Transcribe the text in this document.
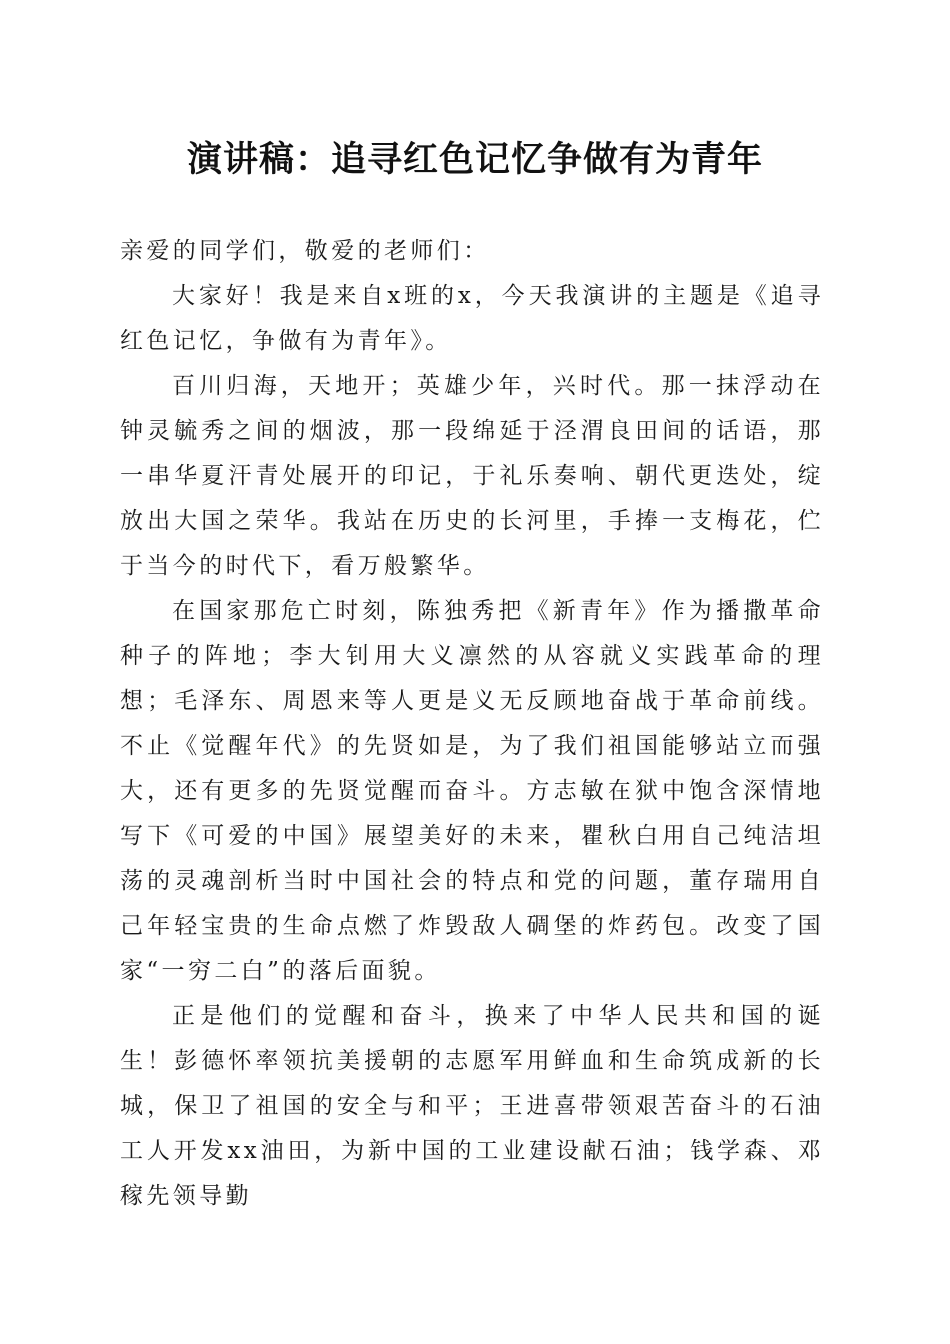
演讲稿：追寻红色记忆争做有为青年

亲爱的同学们，敬爱的老师们：

大家好！我是来自x班的x，今天我演讲的主题是《追寻红色记忆，争做有为青年》。

百川归海，天地开；英雄少年，兴时代。那一抹浮动在钟灵毓秀之间的烟波，那一段绵延于泾渭良田间的话语，那一串华夏汗青处展开的印记，于礼乐奏响、朝代更迭处，绽放出大国之荣华。我站在历史的长河里，手捧一支梅花，伫于当今的时代下，看万般繁华。

在国家那危亡时刻，陈独秀把《新青年》作为播撒革命种子的阵地；李大钊用大义凛然的从容就义实践革命的理想；毛泽东、周恩来等人更是义无反顾地奋战于革命前线。不止《觉醒年代》的先贤如是，为了我们祖国能够站立而强大，还有更多的先贤觉醒而奋斗。方志敏在狱中饱含深情地写下《可爱的中国》展望美好的未来，瞿秋白用自己纯洁坦荡的灵魂剖析当时中国社会的特点和党的问题，董存瑞用自己年轻宝贵的生命点燃了炸毁敌人碉堡的炸药包。改变了国家“一穷二白”的落后面貌。

正是他们的觉醒和奋斗，换来了中华人民共和国的诞生！彭德怀率领抗美援朝的志愿军用鲜血和生命筑成新的长城，保卫了祖国的安全与和平；王进喜带领艰苦奋斗的石油工人开发xx油田，为新中国的工业建设献石油；钱学森、邓稼先领导勤
